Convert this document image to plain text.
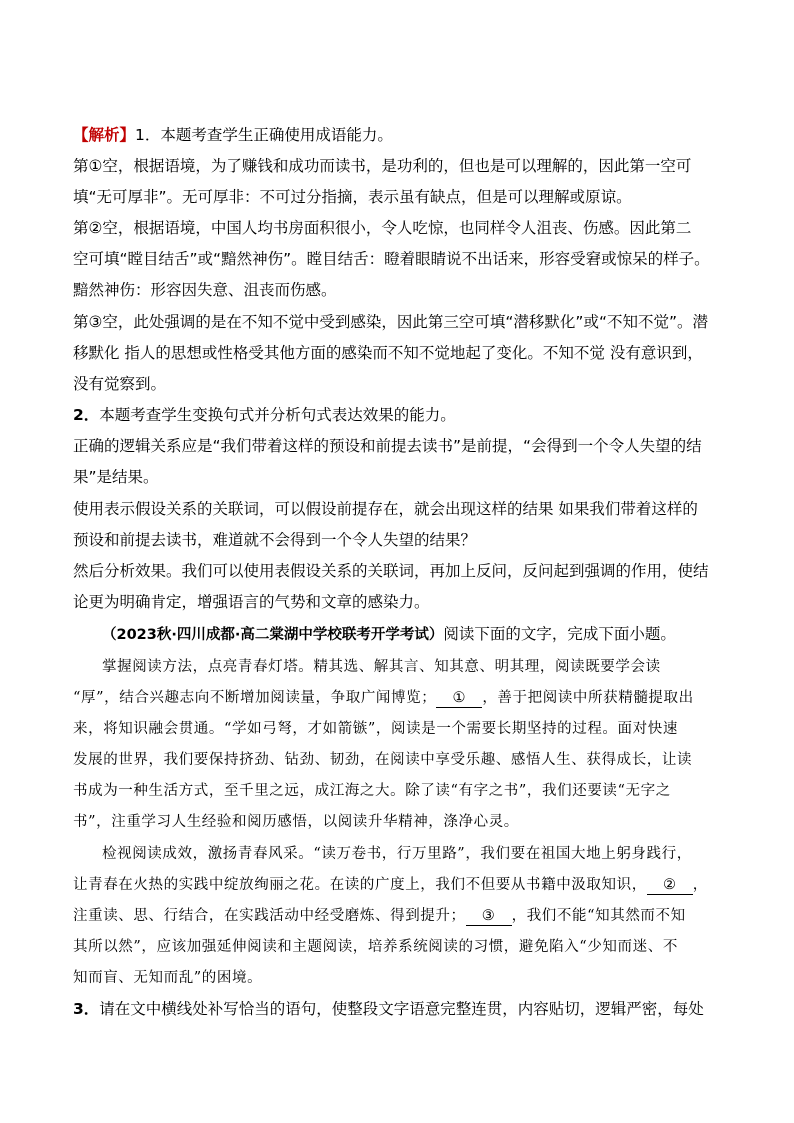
【解析】1．本题考查学生正确使用成语能力。
第①空，根据语境，为了赚钱和成功而读书，是功利的，但也是可以理解的，因此第一空可
填“无可厚非”。无可厚非：不可过分指摘，表示虽有缺点，但是可以理解或原谅。
第②空，根据语境，中国人均书房面积很小，令人吃惊，也同样令人沮丧、伤感。因此第二
空可填“瞠目结舌”或“黯然神伤”。瞠目结舌：瞪着眼睛说不出话来，形容受窘或惊呆的样子。
黯然神伤：形容因失意、沮丧而伤感。
第③空，此处强调的是在不知不觉中受到感染，因此第三空可填“潜移默化”或“不知不觉”。潜
移默化 指人的思想或性格受其他方面的感染而不知不觉地起了变化。不知不觉 没有意识到，
没有觉察到。
2．本题考查学生变换句式并分析句式表达效果的能力。
正确的逻辑关系应是“我们带着这样的预设和前提去读书”是前提，“会得到一个令人失望的结
果”是结果。
使用表示假设关系的关联词，可以假设前提存在，就会出现这样的结果 如果我们带着这样的
预设和前提去读书，难道就不会得到一个令人失望的结果？
然后分析效果。我们可以使用表假设关系的关联词，再加上反问，反问起到强调的作用，使结
论更为明确肯定，增强语言的气势和文章的感染力。
（2023秋·四川成都·高二棠湖中学校联考开学考试）阅读下面的文字，完成下面小题。
掌握阅读方法，点亮青春灯塔。精其选、解其言、知其意、明其理，阅读既要学会读
“厚”，结合兴趣志向不断增加阅读量，争取广闻博览； ① ，善于把阅读中所获精髓提取出
来，将知识融会贯通。“学如弓弩，才如箭镞”，阅读是一个需要长期坚持的过程。面对快速
发展的世界，我们要保持挤劲、钻劲、韧劲，在阅读中享受乐趣、感悟人生、获得成长，让读
书成为一种生活方式，至千里之远，成江海之大。除了读“有字之书”，我们还要读“无字之
书”，注重学习人生经验和阅历感悟，以阅读升华精神，涤净心灵。
检视阅读成效，激扬青春风采。“读万卷书，行万里路”，我们要在祖国大地上躬身践行，
让青春在火热的实践中绽放绚丽之花。在读的广度上，我们不但要从书籍中汲取知识， ② ，
注重读、思、行结合，在实践活动中经受磨炼、得到提升； ③ ，我们不能“知其然而不知
其所以然”，应该加强延伸阅读和主题阅读，培养系统阅读的习惯，避免陷入“少知而迷、不
知而盲、无知而乱”的困境。
3．请在文中横线处补写恰当的语句，使整段文字语意完整连贯，内容贴切，逻辑严密，每处
